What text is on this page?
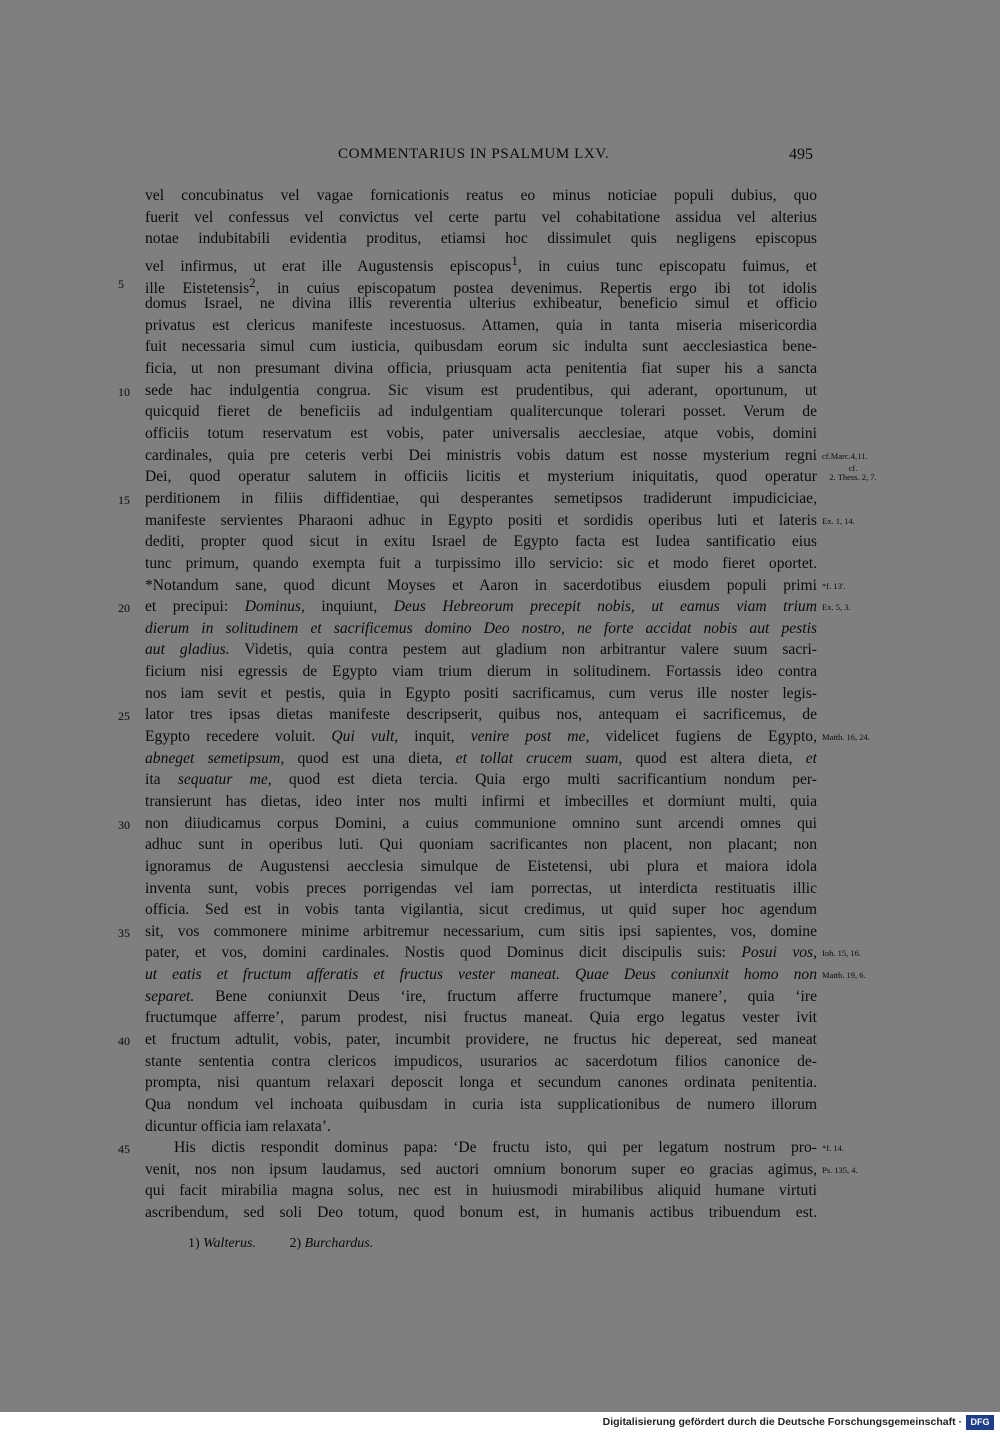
COMMENTARIUS IN PSALMUM LXV.	495
vel concubinatus vel vagae fornicationis reatus eo minus noticiae populi dubius, quo
fuerit vel confessus vel convictus vel certe partu vel cohabitatione assidua vel alterius
notae indubitabili evidentia proditus, etiamsi hoc dissimulet quis negligens episcopus
vel infirmus, ut erat ille Augustensis episcopus$^1$, in cuius tunc episcopatu fuimus, et
5	ille Eistetensis$^2$, in cuius episcopatum postea devenimus. Repertis ergo ibi tot idolis
domus Israel, ne divina illis reverentia ulterius exhibeatur, beneficio simul et officio
privatus est clericus manifeste incestuosus. Attamen, quia in tanta miseria misericordia
fuit necessaria simul cum iusticia, quibusdam eorum sic indulta sunt aecclesiastica bene-
ficia, ut non presumant divina officia, priusquam acta penitentia fiat super his a sancta
10 sede hac indulgentia congrua. Sic visum est prudentibus, qui aderant, oportunum, ut
quicquid fieret de beneficiis ad indulgentiam qualitercunque tolerari posset. Verum de
officiis totum reservatum est vobis, pater universalis aecclesiae, atque vobis, domini
cardinales, quia pre ceteris verbi Dei ministris vobis datum est nosse mysterium regni cf.Marc.4,11.
Dei, quod operatur salutem in officiis licitis et mysterium iniquitatis, quod operatur	cf.
2. Thess. 2, 7.
15 perditionem in filiis diffidentiae, qui desperantes semetipsos tradiderunt impudiciciae,
manifeste servientes Pharaoni adhuc in Egypto positi et sordidis operibus luti et lateris Ex. 1, 14.
dediti, propter quod sicut in exitu Israel de Egypto facta est Iudea santificatio eius
tunc primum, quando exempta fuit a turpissimo illo servicio: sic et modo fieret oportet.
*Notandum sane, quod dicunt Moyses et Aaron in sacerdotibus eiusdem populi primi *f. 13'.
20 et precipui: Dominus, inquiunt, Deus Hebreorum precepit nobis, ut eamus viam trium Ex. 5, 3.
dierum in solitudinem et sacrificemus domino Deo nostro, ne forte accidat nobis aut pestis
aut gladius. Videtis, quia contra pestem aut gladium non arbitrantur valere suum sacri-
ficium nisi egressis de Egypto viam trium dierum in solitudinem. Fortassis ideo contra
nos iam sevit et pestis, quia in Egypto positi sacrificamus, cum verus ille noster legis-
25 lator tres ipsas dietas manifeste descripserit, quibus nos, antequam ei sacrificemus, de
Egypto recedere voluit. Qui vult, inquit, venire post me, videlicet fugiens de Egypto, Matth. 16, 24.
abneget semetipsum, quod est una dieta, et tollat crucem suam, quod est altera dieta, et
ita sequatur me, quod est dieta tercia. Quia ergo multi sacrificantium nondum per-
transierunt has dietas, ideo inter nos multi infirmi et imbecilles et dormiunt multi, quia
30 non diiudicamus corpus Domini, a cuius communione omnino sunt arcendi omnes qui
adhuc sunt in operibus luti. Qui quoniam sacrificantes non placent, non placant; non
ignoramus de Augustensi aecclesia simulque de Eistetensi, ubi plura et maiora idola
inventa sunt, vobis preces porrigendas vel iam porrectas, ut interdicta restituatis illic
officia. Sed est in vobis tanta vigilantia, sicut credimus, ut quid super hoc agendum
35 sit, vos commonere minime arbitremur necessarium, cum sitis ipsi sapientes, vos, domine
pater, et vos, domini cardinales. Nostis quod Dominus dicit discipulis suis: Posui vos, Ioh. 15, 16.
ut eatis et fructum afferatis et fructus vester maneat. Quae Deus coniunxit homo non Matth. 19, 6.
separet. Bene coniunxit Deus ‘ire, fructum afferre fructumque manere’, quia ‘ire
fructumque afferre’, parum prodest, nisi fructus maneat. Quia ergo legatus vester ivit
40 et fructum adtulit, vobis, pater, incumbit providere, ne fructus hic depereat, sed maneat
stante sententia contra clericos impudicos, usurarios ac sacerdotum filios canonice de-
prompta, nisi quantum relaxari deposcit longa et secundum canones ordinata penitentia.
Qua nondum vel inchoata quibusdam in curia ista supplicationibus de numero illorum
dicuntur officia iam relaxata’.
45	His dictis respondit dominus papa: ‘De fructu isto, qui per legatum nostrum pro- *f. 14.
venit, nos non ipsum laudamus, sed auctori omnium bonorum super eo gracias agimus, Ps. 135, 4.
qui facit mirabilia magna solus, nec est in huiusmodi mirabilibus aliquid humane virtuti
ascribendum, sed soli Deo totum, quod bonum est, in humanis actibus tribuendum est.
1) Walterus. 2) Burchardus.
Digitalisierung gefördert durch die Deutsche Forschungsgemeinschaft · DFG
